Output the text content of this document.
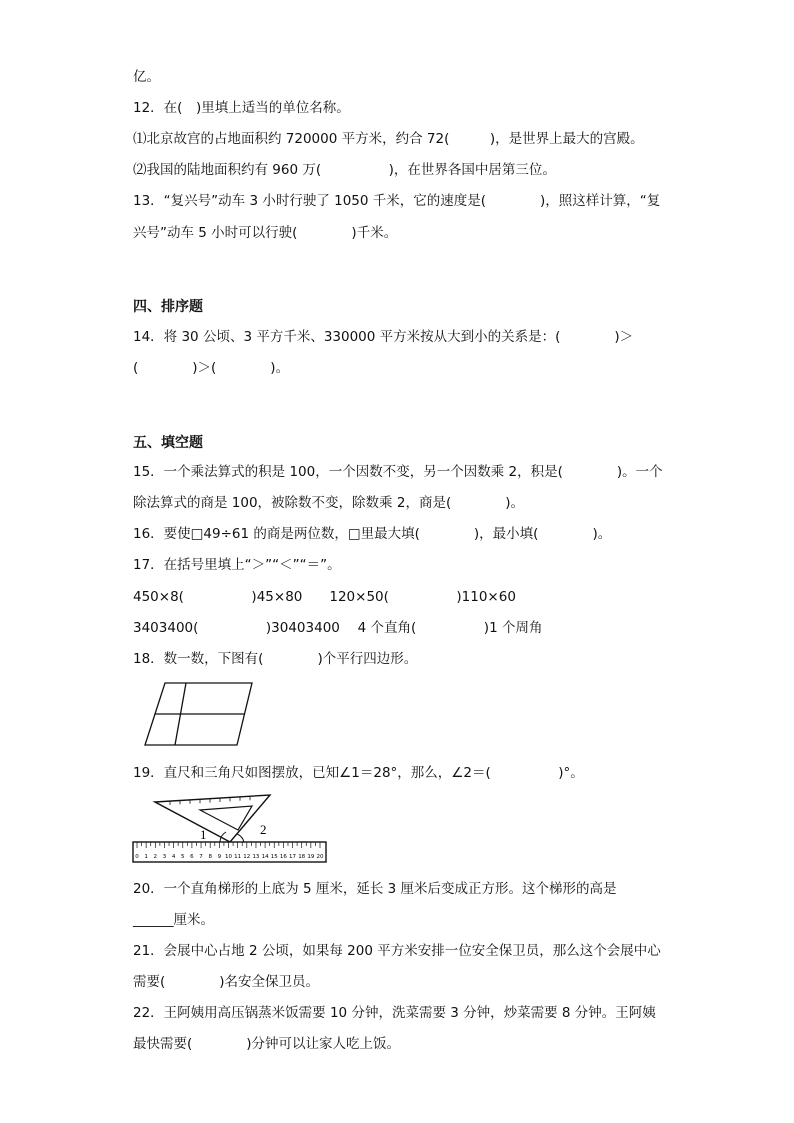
亿。
12．在(　)里填上适当的单位名称。
⑴北京故宫的占地面积约 720000 平方米，约合 72(　　　)，是世界上最大的宫殿。
⑵我国的陆地面积约有 960 万(　　　　　)，在世界各国中居第三位。
13．“复兴号”动车 3 小时行驶了 1050 千米，它的速度是(　　　　)，照这样计算，“复
兴号”动车 5 小时可以行驶(　　　　)千米。
四、排序题
14．将 30 公顷、3 平方千米、330000 平方米按从大到小的关系是：(　　　　)＞
(　　　　)＞(　　　　)。
五、填空题
15．一个乘法算式的积是 100，一个因数不变，另一个因数乘 2，积是(　　　　)。一个
除法算式的商是 100，被除数不变，除数乘 2，商是(　　　　)。
16．要使□49÷61 的商是两位数，□里最大填(　　　　)，最小填(　　　　)。
17．在括号里填上“＞”“＜”“＝”。
450×8(　　　　　)45×80　　120×50(　　　　　)110×60
3403400(　　　　　)30403400　 4 个直角(　　　　　)1 个周角
18．数一数，下图有(　　　　)个平行四边形。
19．直尺和三角尺如图摆放，已知∠1＝28°，那么，∠2＝(　　　　　)°。
1	2
0 1 2 3 4 5 6 7 8 9 10 11 12 13 14 15 16 17 18 19 20
20．一个直角梯形的上底为 5 厘米，延长 3 厘米后变成正方形。这个梯形的高是
______厘米。
21．会展中心占地 2 公顷，如果每 200 平方米安排一位安全保卫员，那么这个会展中心
需要(　　　　)名安全保卫员。
22．王阿姨用高压锅蒸米饭需要 10 分钟，洗菜需要 3 分钟，炒菜需要 8 分钟。王阿姨
最快需要(　　　　)分钟可以让家人吃上饭。
